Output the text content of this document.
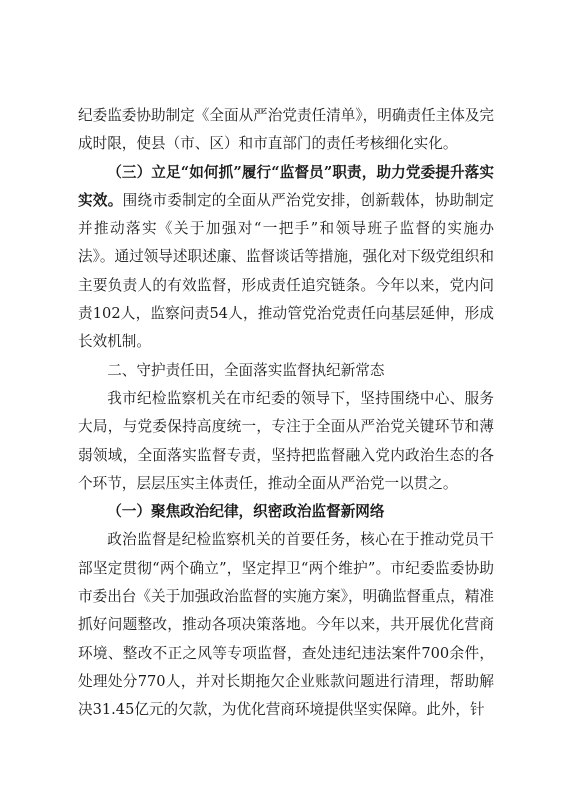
纪委监委协助制定《全面从严治党责任清单》，明确责任主体及完成时限，使县（市、区）和市直部门的责任考核细化实化。

（三）立足“如何抓”履行“监督员”职责，助力党委提升落实实效。围绕市委制定的全面从严治党安排，创新载体，协助制定并推动落实《关于加强对“一把手”和领导班子监督的实施办法》。通过领导述职述廉、监督谈话等措施，强化对下级党组织和主要负责人的有效监督，形成责任追究链条。今年以来，党内问责102人，监察问责54人，推动管党治党责任向基层延伸，形成长效机制。

二、守护责任田，全面落实监督执纪新常态

我市纪检监察机关在市纪委的领导下，坚持围绕中心、服务大局，与党委保持高度统一，专注于全面从严治党关键环节和薄弱领域，全面落实监督专责，坚持把监督融入党内政治生态的各个环节，层层压实主体责任，推动全面从严治党一以贯之。

（一）聚焦政治纪律，织密政治监督新网络

政治监督是纪检监察机关的首要任务，核心在于推动党员干部坚定贯彻“两个确立”，坚定捍卫“两个维护”。市纪委监委协助市委出台《关于加强政治监督的实施方案》，明确监督重点，精准抓好问题整改，推动各项决策落地。今年以来，共开展优化营商环境、整改不正之风等专项监督，查处违纪违法案件700余件，处理处分770人，并对长期拖欠企业账款问题进行清理，帮助解决31.45亿元的欠款，为优化营商环境提供坚实保障。此外，针
